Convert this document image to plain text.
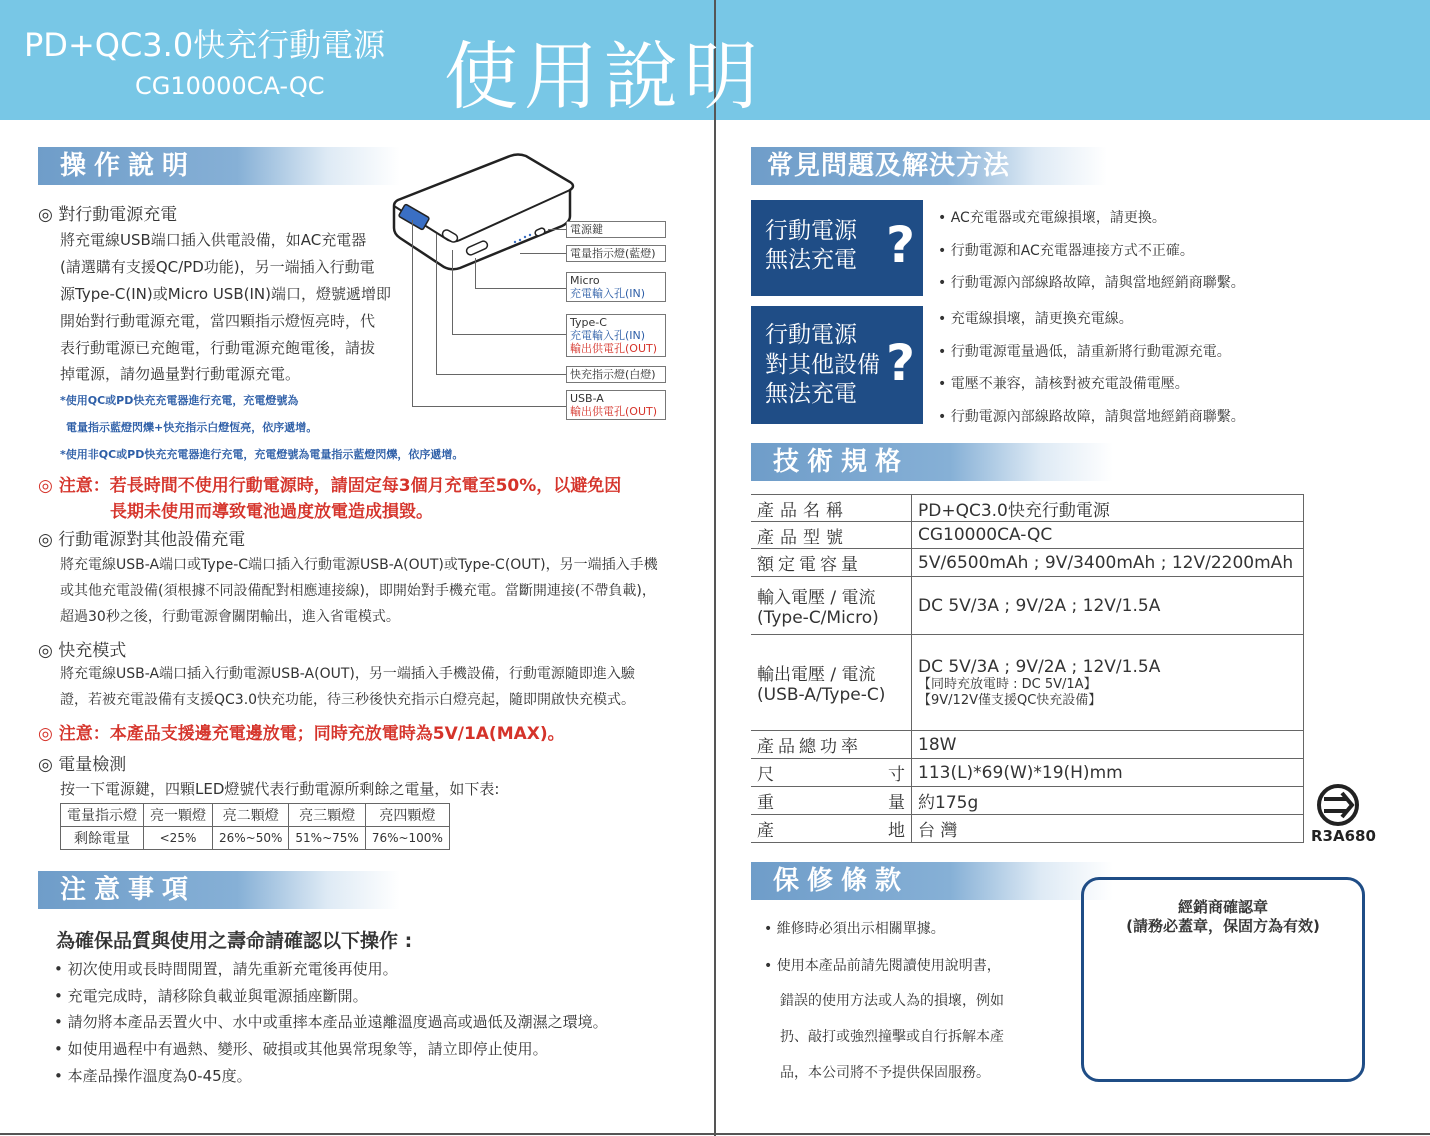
PD+QC3.0快充行動電源
CG10000CA-QC 使用說明
操作說明
◎ 對行動電源充電
將充電線USB端口插入供電設備，如AC充電器
(請選購有支援QC/PD功能)，另一端插入行動電
源Type-C(IN)或Micro USB(IN)端口，燈號遞增即
開始對行動電源充電，當四顆指示燈恆亮時，代
表行動電源已充飽電，行動電源充飽電後，請拔
掉電源，請勿過量對行動電源充電。
*使用QC或PD快充充電器進行充電，充電燈號為
電量指示藍燈閃爍+快充指示白燈恆亮，依序遞增。
*使用非QC或PD快充充電器進行充電，充電燈號為電量指示藍燈閃爍，依序遞增。
電源鍵
電量指示燈(藍燈)
Micro
充電輸入孔(IN)
Type-C
充電輸入孔(IN)
輸出供電孔(OUT)
快充指示燈(白燈)
USB-A
輸出供電孔(OUT)
◎ 注意：若長時間不使用行動電源時，請固定每3個月充電至50%，以避免因
長期未使用而導致電池過度放電造成損毀。
◎ 行動電源對其他設備充電
將充電線USB-A端口或Type-C端口插入行動電源USB-A(OUT)或Type-C(OUT)，另一端插入手機
或其他充電設備(須根據不同設備配對相應連接線)，即開始對手機充電。當斷開連接(不帶負載)，
超過30秒之後，行動電源會關閉輸出，進入省電模式。
◎ 快充模式
將充電線USB-A端口插入行動電源USB-A(OUT)，另一端插入手機設備，行動電源隨即進入驗
證，若被充電設備有支援QC3.0快充功能，待三秒後快充指示白燈亮起，隨即開啟快充模式。
◎ 注意：本產品支援邊充電邊放電；同時充放電時為5V/1A(MAX)。
◎ 電量檢測
按一下電源鍵，四顆LED燈號代表行動電源所剩餘之電量，如下表:
電量指示燈	亮一顆燈	亮二顆燈	亮三顆燈	亮四顆燈
剩餘電量	<25%	26%~50%	51%~75%	76%~100%
注意事項
為確保品質與使用之壽命請確認以下操作 :
• 初次使用或長時間閒置，請先重新充電後再使用。
• 充電完成時，請移除負載並與電源插座斷開。
• 請勿將本產品丟置火中、水中或重摔本產品並遠離溫度過高或過低及潮濕之環境。
• 如使用過程中有過熱、變形、破損或其他異常現象等，請立即停止使用。
• 本產品操作溫度為0-45度。
常見問題及解決方法
行動電源
無法充電 ? • AC充電器或充電線損壞，請更換。
• 行動電源和AC充電器連接方式不正確。
• 行動電源內部線路故障，請與當地經銷商聯繫。
行動電源
對其他設備
無法充電
?
• 充電線損壞，請更換充電線。
• 行動電源電量過低，請重新將行動電源充電。
• 電壓不兼容，請核對被充電設備電壓。
• 行動電源內部線路故障，請與當地經銷商聯繫。
技術規格
產品名稱	PD+QC3.0快充行動電源
產品型號	CG10000CA-QC
額定電容量	5V/6500mAh ; 9V/3400mAh ; 12V/2200mAh
輸入電壓 / 電流
(Type-C/Micro)	DC 5V/3A ; 9V/2A ; 12V/1.5A
輸出電壓 / 電流
(USB-A/Type-C)	DC 5V/3A ; 9V/2A ; 12V/1.5A
【同時充放電時 : DC 5V/1A】
【9V/12V僅支援QC快充設備】

產品總功率	18W

尺 寸	113(L)*69(W)*19(H)mm

重 量	約175g

產 地	台 灣	R3A680
保修條款
• 維修時必須出示相關單據。
• 使用本產品前請先閱讀使用說明書，
錯誤的使用方法或人為的損壞，例如
扔、敲打或強烈撞擊或自行拆解本產
品，本公司將不予提供保固服務。
經銷商確認章
(請務必蓋章，保固方為有效)
